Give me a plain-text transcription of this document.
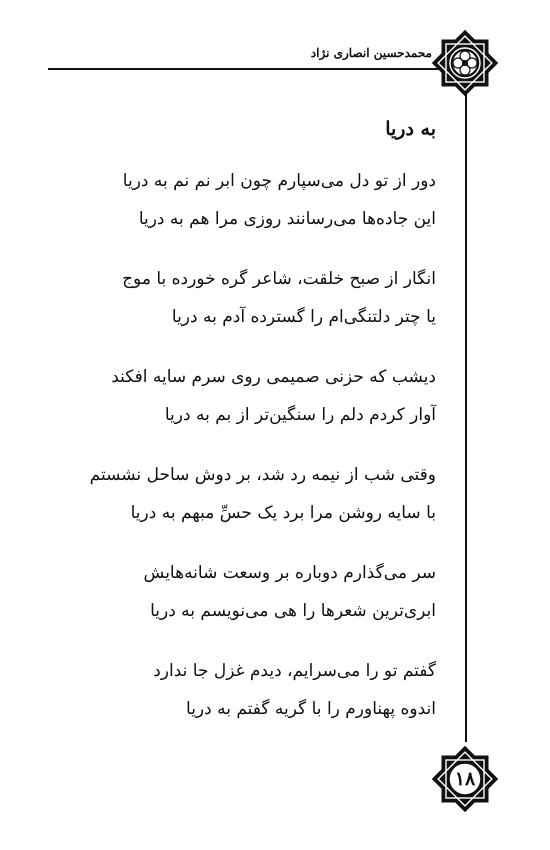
محمدحسین انصاری نژاد
به دریا
دور از تو دل می‌سپارم چون ابر نم نم به دریا
این جاده‌ها می‌رسانند روزی مرا هم به دریا
انگار از صبح خلقت، شاعر گره خورده با موج
یا چتر دلتنگی‌ام را گسترده آدم به دریا
دیشب که حزنی صمیمی روی سرم سایه افکند
آوار کردم دلم را سنگین‌تر از بم به دریا
وقتی شب از نیمه رد شد، بر دوش ساحل نشستم
با سایه روشن مرا برد یک حسِّ مبهم به دریا
سر می‌گذارم دوباره بر وسعت شانه‌هایش
ابری‌ترین شعرها را هی می‌نویسم به دریا
گفتم تو را می‌سرایم، دیدم غزل جا ندارد
اندوه پهناورم را با گریه گفتم به دریا
۱۸
